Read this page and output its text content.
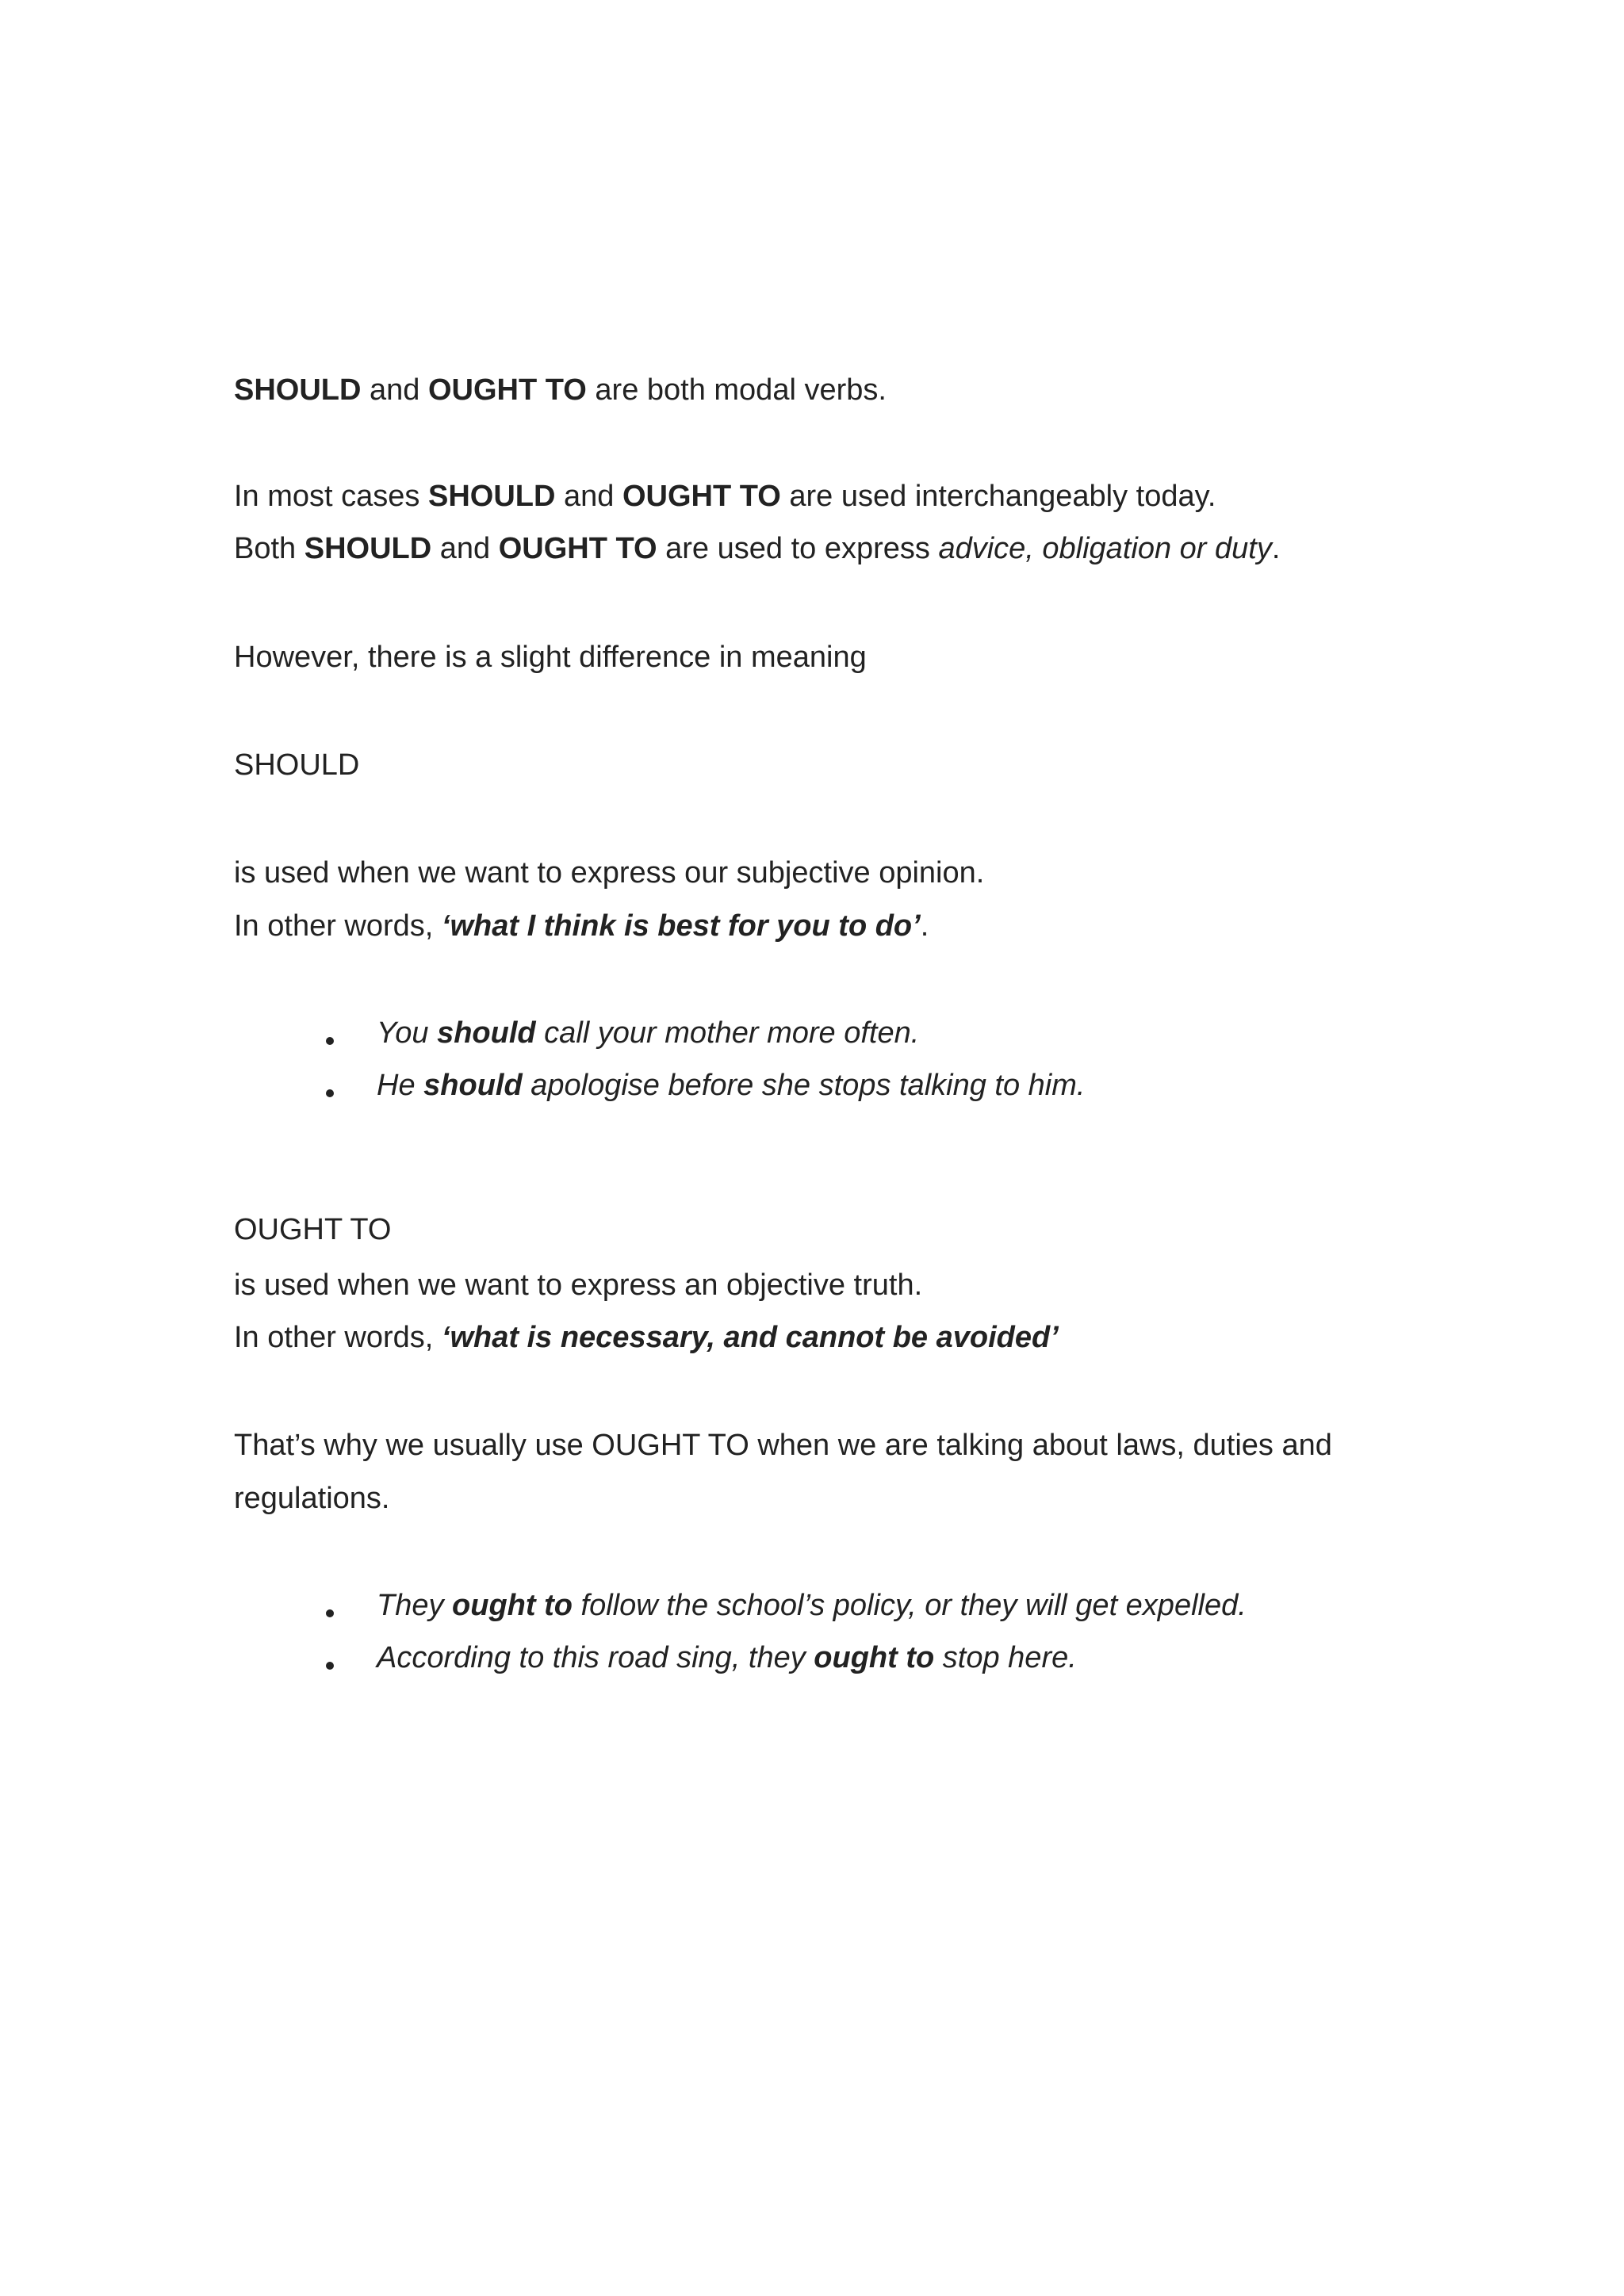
SHOULD and OUGHT TO are both modal verbs.

In most cases SHOULD and OUGHT TO are used interchangeably today.

Both SHOULD and OUGHT TO are used to express advice, obligation or duty.

However, there is a slight difference in meaning

SHOULD

is used when we want to express our subjective opinion.

In other words, ‘what I think is best for you to do’.

You should call your mother more often.

He should apologise before she stops talking to him.

OUGHT TO

is used when we want to express an objective truth.

In other words, ‘what is necessary, and cannot be avoided’

That’s why we usually use OUGHT TO when we are talking about laws, duties and

regulations.

They ought to follow the school’s policy, or they will get expelled.

According to this road sing, they ought to stop here.
